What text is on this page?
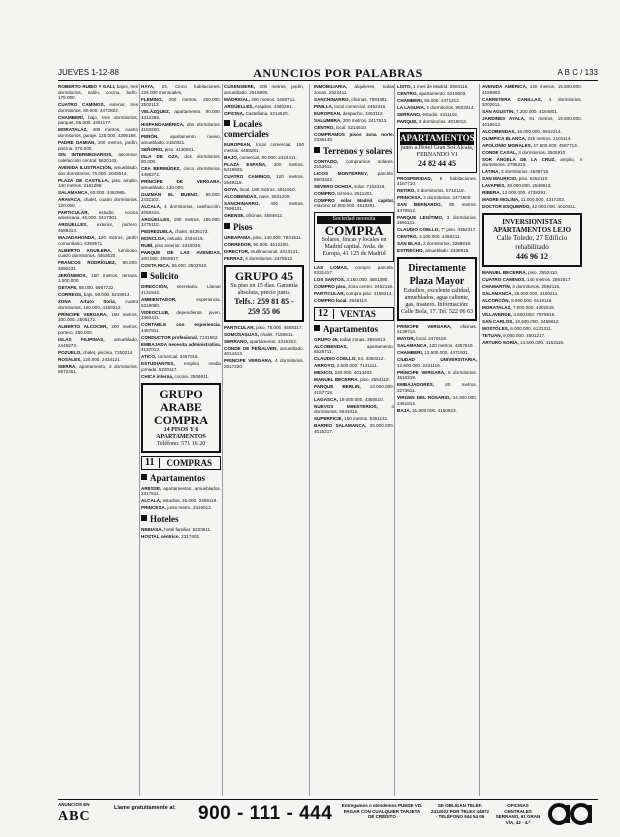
JUEVES 1-12-88	ANUNCIOS POR PALABRAS	A B C / 133

ROBERTO RUBIO Y GALI, bajos, tres dormitorios, salón, cocina, baño. 175.000.

CUATRO CAMINOS, exterior, tres dormitorios, 80.000. 4472822.

CHAMBERÍ, bajo, tres dormitorios, parquet, 85.000. 4451177.

MORATALAZ, 400 metros, cuatro dormitorios, garaje. 125.000. 4305186.

PADRE DAMIÁN, 200 metros, jardín, piscina. 275.000.

SIN INTERMEDIARIOS, ascensor, calefacción central. 5620142.

AVENIDA ILUSTRACIÓN, amueblado, dos dormitorios, 75.000. 2045514.

PLAZA DE CASTILLA, piso amplio, 140 metros. 2151288.

SALAMANCA, 60.000. 4462985.

ARAVACA, chalet, cuatro dormitorios. 120.000.

PARTICULAR, estudio, cocina americana, 45.000. 2417301.

ARGÜELLES, exterior, portero. 4589314.

MAJADAHONDA, 120 metros, jardín comunitario. 6393571.

ALBERTO AGUILERA, luminoso, cuatro dormitorios. 4463620.

FRANCOS RODRÍGUEZ, 90.000. 2692231.

JERÓNIMOS, 150 metros, terraza. 1.500.000.

GETAFE, 55.000. 6957722.

CORREOS, bajo, 50.000. 5219914.

ZONA Arturo Soria, cuatro dormitorios, 150.000. 4150312.

PRÍNCIPE VERGARA, 160 metros, 300.000. 2505172.

ALBERTO ALCOCER, 200 metros, portero, 250.000.

ISLAS FILIPINAS, amueblado, 2446573.

POZUELO, chalet, piscina. 7150214.

ROSALES, 120.000. 2434121.

SIERRA, apartamento, 3 dormitorios. 8572251.

HAYA, 23. Cinco habitaciones. 125.000 mensuales.

FLEMING, 200 metros, 250.000. 2502113.

VELÁZQUEZ, apartamento. 90.000. 4312265.

HISPANOAMÉRICA, dos dormitorios. 4153200.

PERÓN, apartamento nuevo, amueblado. 2150321.

SEÑORÍO, piso. 4130921.

ISLA DE OZA, dos dormitorios, 80.000.

CEA BERMÚDEZ, cinco dormitorios. 4496272.

PRÍNCIPE DE VERGARA, amueblado. 130.000.

GUZMÁN EL BUENO, 95.000. 2431102.

ALCALÁ, 4 dormitorios, calefacción. 4059216.

ARGÜELLES, 180 metros, 185.000. 2475110.

PEDREZUELA, chalet. 8435173.

MONCLOA, estudio. 2434415.

RUBÍ, piso exterior. 4310025.

PARQUE DE LAS AVENIDAS, 100.000. 4050917.

COSTA RICA, 95.000. 2502910.

Solicito

DIRECCIÓN, secretaria. Llamar 4131542.

AMBIENTADOR, experiencia. 5319080.

VIDEOCLUB, dependienta joven. 2460411.

CONTABLE con experiencia. 4457811.

CONDUCTOR profesional. 7131562.

EMBAJADA necesita administrativa. 4137013.

ATICO, comercial. 2457015.

ESTUDIANTES, empleo media jornada. 5220117.

CHICA interna, cocina. 2506911.

GRUPO ARABE COMPRA
14 PISOS Y 6 APARTAMENTOS
Teléfono: 571 16 20
11	COMPRAS
Apartamentos

ARESSE, apartamentos, amueblados. 2317611.

ALCALÁ, estudios, 45.000. 2459119.

PRINCESA, junto metro. 2416012.

Hoteles

NEBIASA, hotel familiar. 5223611.

HOSTAL céntrico. 2317402.

CUSENSIERE, 200 metros, jardín, amueblado. 2515900.

MADRIGAL, 300 metros. 2458711.

ARGÜELLES, Arapiles. 4460291.

OFICINA, Castellana. 4314520.

Locales comerciales

EUROPEAN, local comercial, 150 metros. 4458281.

BAJO, comercial, 80.000. 2423411.

PLAZA ESPAÑA, 200 metros. 5419925.

CUATRO CAMINOS, 120 metros. 2549115.

GOYA, local, 180 metros. 4011910.

ALCOBENDAS, nave. 6531209.

SANCHINARRO, 400 metros. 7596101.

ORENSE, oficinas. 4564912.

Pisos

URBAPAMA, piso, 140.000. 7631511.

CORREDOR, 90.000. 4512200.

DIRECTOR, multinacional. 4313121.

FERRAZ, 3 dormitorios. 2476512.

GRUPO 45
Su piso en 15 días. Garantía absoluta, precio justo.
Telfs.: 259 81 85 - 259 55 06

PARTICULAR, piso, 75.000. 4508317.

SOMOSAGUAS, chalet. 7150611.

SERRANO, apartamento. 4315322.

CONDE DE PEÑALVER, amueblado. 4014413.

PRINCIPE VERGARA, 4 dormitorios. 2617220.

INMOBILIARIA, alquileres, todas zonas. 2523411.

SANCHINARRO, oficinas. 7593391.

PINILLA, local comercial. 2452316.

EUROPEAN, despacho. 4453112.

SALUMBRA, 200 metros. 2417813.

CENTRO, local. 5214610.

COMPRAMOS pisos zona norte. 2336140.

Terrenos y solares

CONTADO, compramos solares. 2153611.

LICOS MONTERREY, parcela. 8503322.

SEVERO OCHOA, solar. 7163318.

COMPRO, terreno. 2511201.

COMPRO solar Madrid capital, máximo 10.000.000. 4510291.

Sociedad necesita
COMPRA
Solares, fincas y locales en Madrid capital. Avda. de Europa, 41 125 de Madrid

LAS LOMAS, compro parcela. 6331417.

LOS SANTOS, 3.150.000. 4561390.

COMPRO piso, zona centro. 2462116.

PARTICULAR, compra piso. 4159214.

COMPRO local. 2548113.

12	VENTAS
Apartamentos

GRUPO 45, todas zonas. 2591813.

ALCOBENDAS, apartamento. 6528711.

CLAUDIO COELLO, 64. 4350312.

ARROYO, 2.500.000. 7131111.

MEXICO, 220.000. 4013402.

MANUEL BECERRA, piso. 2554118.

PARQUE BERLIN, 14.000.000. 4157718.

LAGASCA, 19.000.000. 4356510.

NUEVOS MINISTERIOS, 4 dormitorios. 5541012.

SUPERFICIE, 150 metros. 5351141.

BARRIO SALAMANCA, 25.000.000. 4015217.

LISTO, 1 mes de Madrid. 2504116.

CENTRO, apartamento. 5216603.

CHAMBERI, 85.000. 4471212.

LA LAGUNA, 2 dormitorios. 8503314.

SERRANO, estudio. 4311102.

PARQUE, 3 dormitorios. 4015013.

APARTAMENTOS
junto a Hotel Gran Sol Alcalá, FERNANDO VI
24 82 44 45

PROSPERIDAD, 5 habitaciones. 4167710.

RETIRO, 3 dormitorios. 5742118.

PRINCESA, 2 dormitorios. 2471509.

SAN BERNARDO, 90 metros. 4470512.

PARQUE LEGÍTIMO, 3 dormitorios. 2591141.

CLAUDIO COELLO, 7º piso. 4354317.

CENTRO, 3.100.000. 4450211.

SAN BLAS, 2 dormitorios. 3258819.

ESTRECHO, amueblado. 2338815.

Directamente Plaza Mayor
Estudios, excelente calidad, amueblados, agua caliente, gas, trastero. Información: Calle Bola, 17. Tel. 522 06 63

PRINCIPE VERGARA, oficinas. 4139714.

MAYOR, local. 2470118.

SALAMANCA, 120 metros. 4357819.

CHAMBERI, 12.500.000. 4471931.

CIUDAD UNIVERSITARIA, 12.800.000. 2431116.

PRÍNCIPE VERGARA, 5 dormitorios. 4510219.

EMBAJADORES, 80 metros. 2273611.

VIRGEN DEL ROSARIO, 14.300.000. 2451812.

BAJA, 31.000.000. 4150923.

AVENIDA AMÉRICA, 140 metros, 15.500.000. 4159902.

CARRETERA CANILLAS, 4 dormitorios. 2002611.

SAN AGUSTÍN, 7.200.000. 4164801.

JARDINES AYALA, 91 metros, 19.500.000. 4015512.

ALCOBENDAS, 16.000.000. 6542314.

OLIMPICA BLANCA, 225 metros. 2101114.

APOLONIO MORALES, 47.500.000. 4587713.

CONDE CASAL, 3 dormitorios. 2505910.

SOR ÁNGELA DE LA CRUZ, amplio, 4 dormitorios. 2795313.

LATINA, 3 dormitorios. 4639716.

SAN MAURICIO, piso. 5452110.

LAVAPIÉS, 48.000.000. 2546613.

RIBERA, 13.000.000. 4738291.

MADRE MOLINA, 11.000.000. 4317202.

DOCTOR ESQUERDO, 42.000.000. 4010411.

INVERSIONISTAS APARTAMENTOS LEJO
Calle Toledo, 27 Edificio rehabilitado
446 96 12

MANUEL BECERRA, piso. 2552410.

CUATRO CAMINOS, 140 metros. 2561617.

CHAMARTÍN, 3 dormitorios. 2594116.

SALAMANCA, 25.000.000. 4150211.

ALCORCÓN, 8.900.000. 6119116.

MORATALAZ, 7.500.000. 4301515.

VILLAVERDE, 4.800.000. 7975916.

SAN CARLOS, 10.500.000. 2456612.

MOSTOLES, 6.000.000. 6131311.

TETUAN, 9.000.000. 4501217.

ARTURO SORIA, 14.500.000. 4153119.

ANUNCIOS EN
ABC
Llame gratuitamente al: 900 - 111 - 444 Entregamos o atendemos PUEDE VD. PAGAR CON CUALQUIER TARJETA DE CRÉDITO
SE OBLIGAN TELÉF. 2412022 POR TELEX 44872 - TELÉFONO 544 54 06
OFICINAS CENTRALES SERRANO, 61 GRAN VÍA, 42 - 4.ª
